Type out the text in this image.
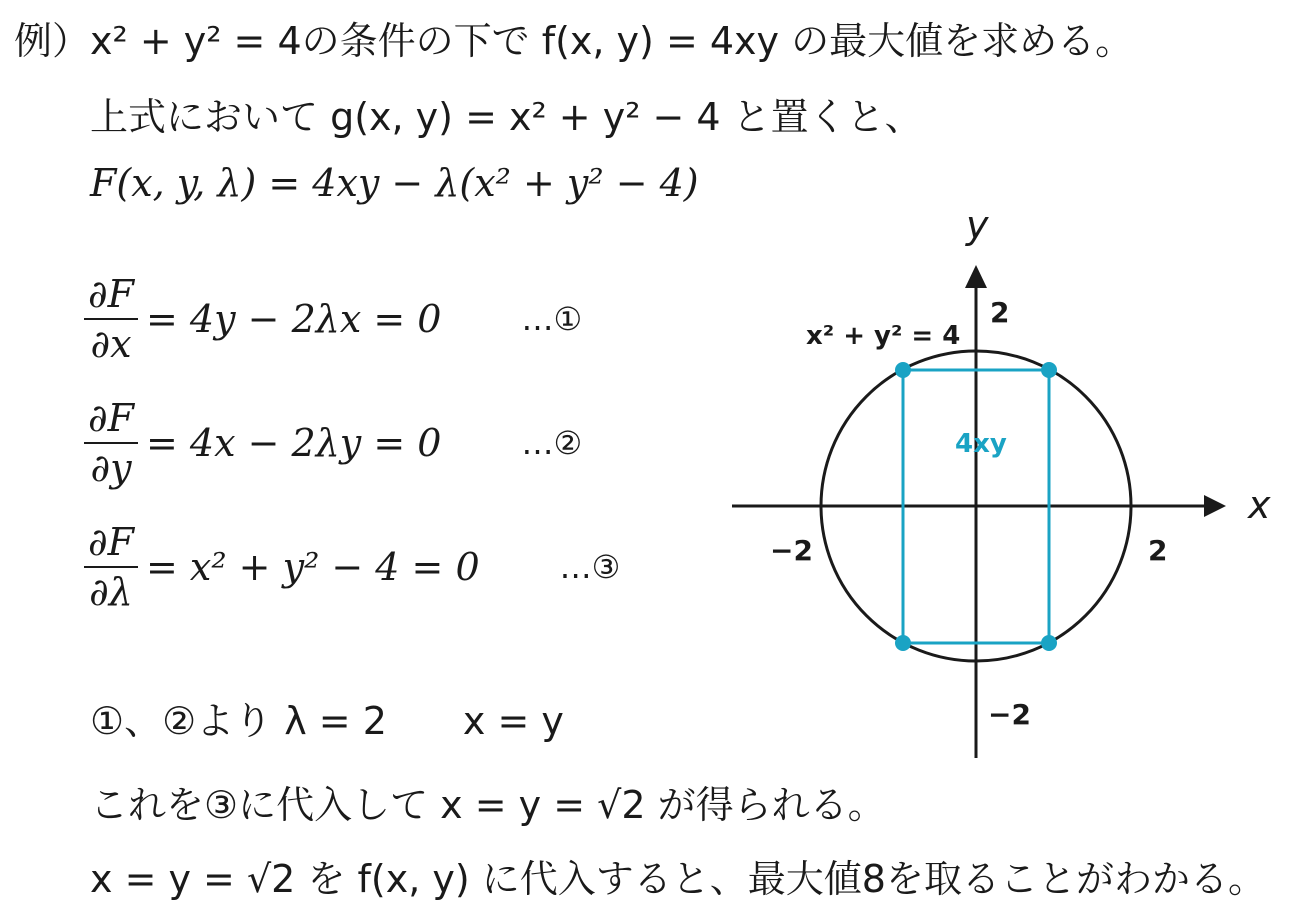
例）x² + y² = 4の条件の下で f(x, y) = 4xy の最大値を求める。
上式において g(x, y) = x² + y² − 4 と置くと、
F(x, y, λ) = 4xy − λ(x² + y² − 4)
$\frac{\partial F}{\partial x} = 4y - 2\lambda x = 0$	…①
$\frac{\partial F}{\partial y} = 4x - 2\lambda y = 0$	…②
$\frac{\partial F}{\partial\lambda} = x^2 + y^2 - 4 = 0$	…③
①、②より λ = 2　　x = y
これを③に代入して x = y = √2 が得られる。
x = y = √2 を f(x, y) に代入すると、最大値8を取ることがわかる。
y
x
x² + y² = 4
4xy
2
−2
−2	2
